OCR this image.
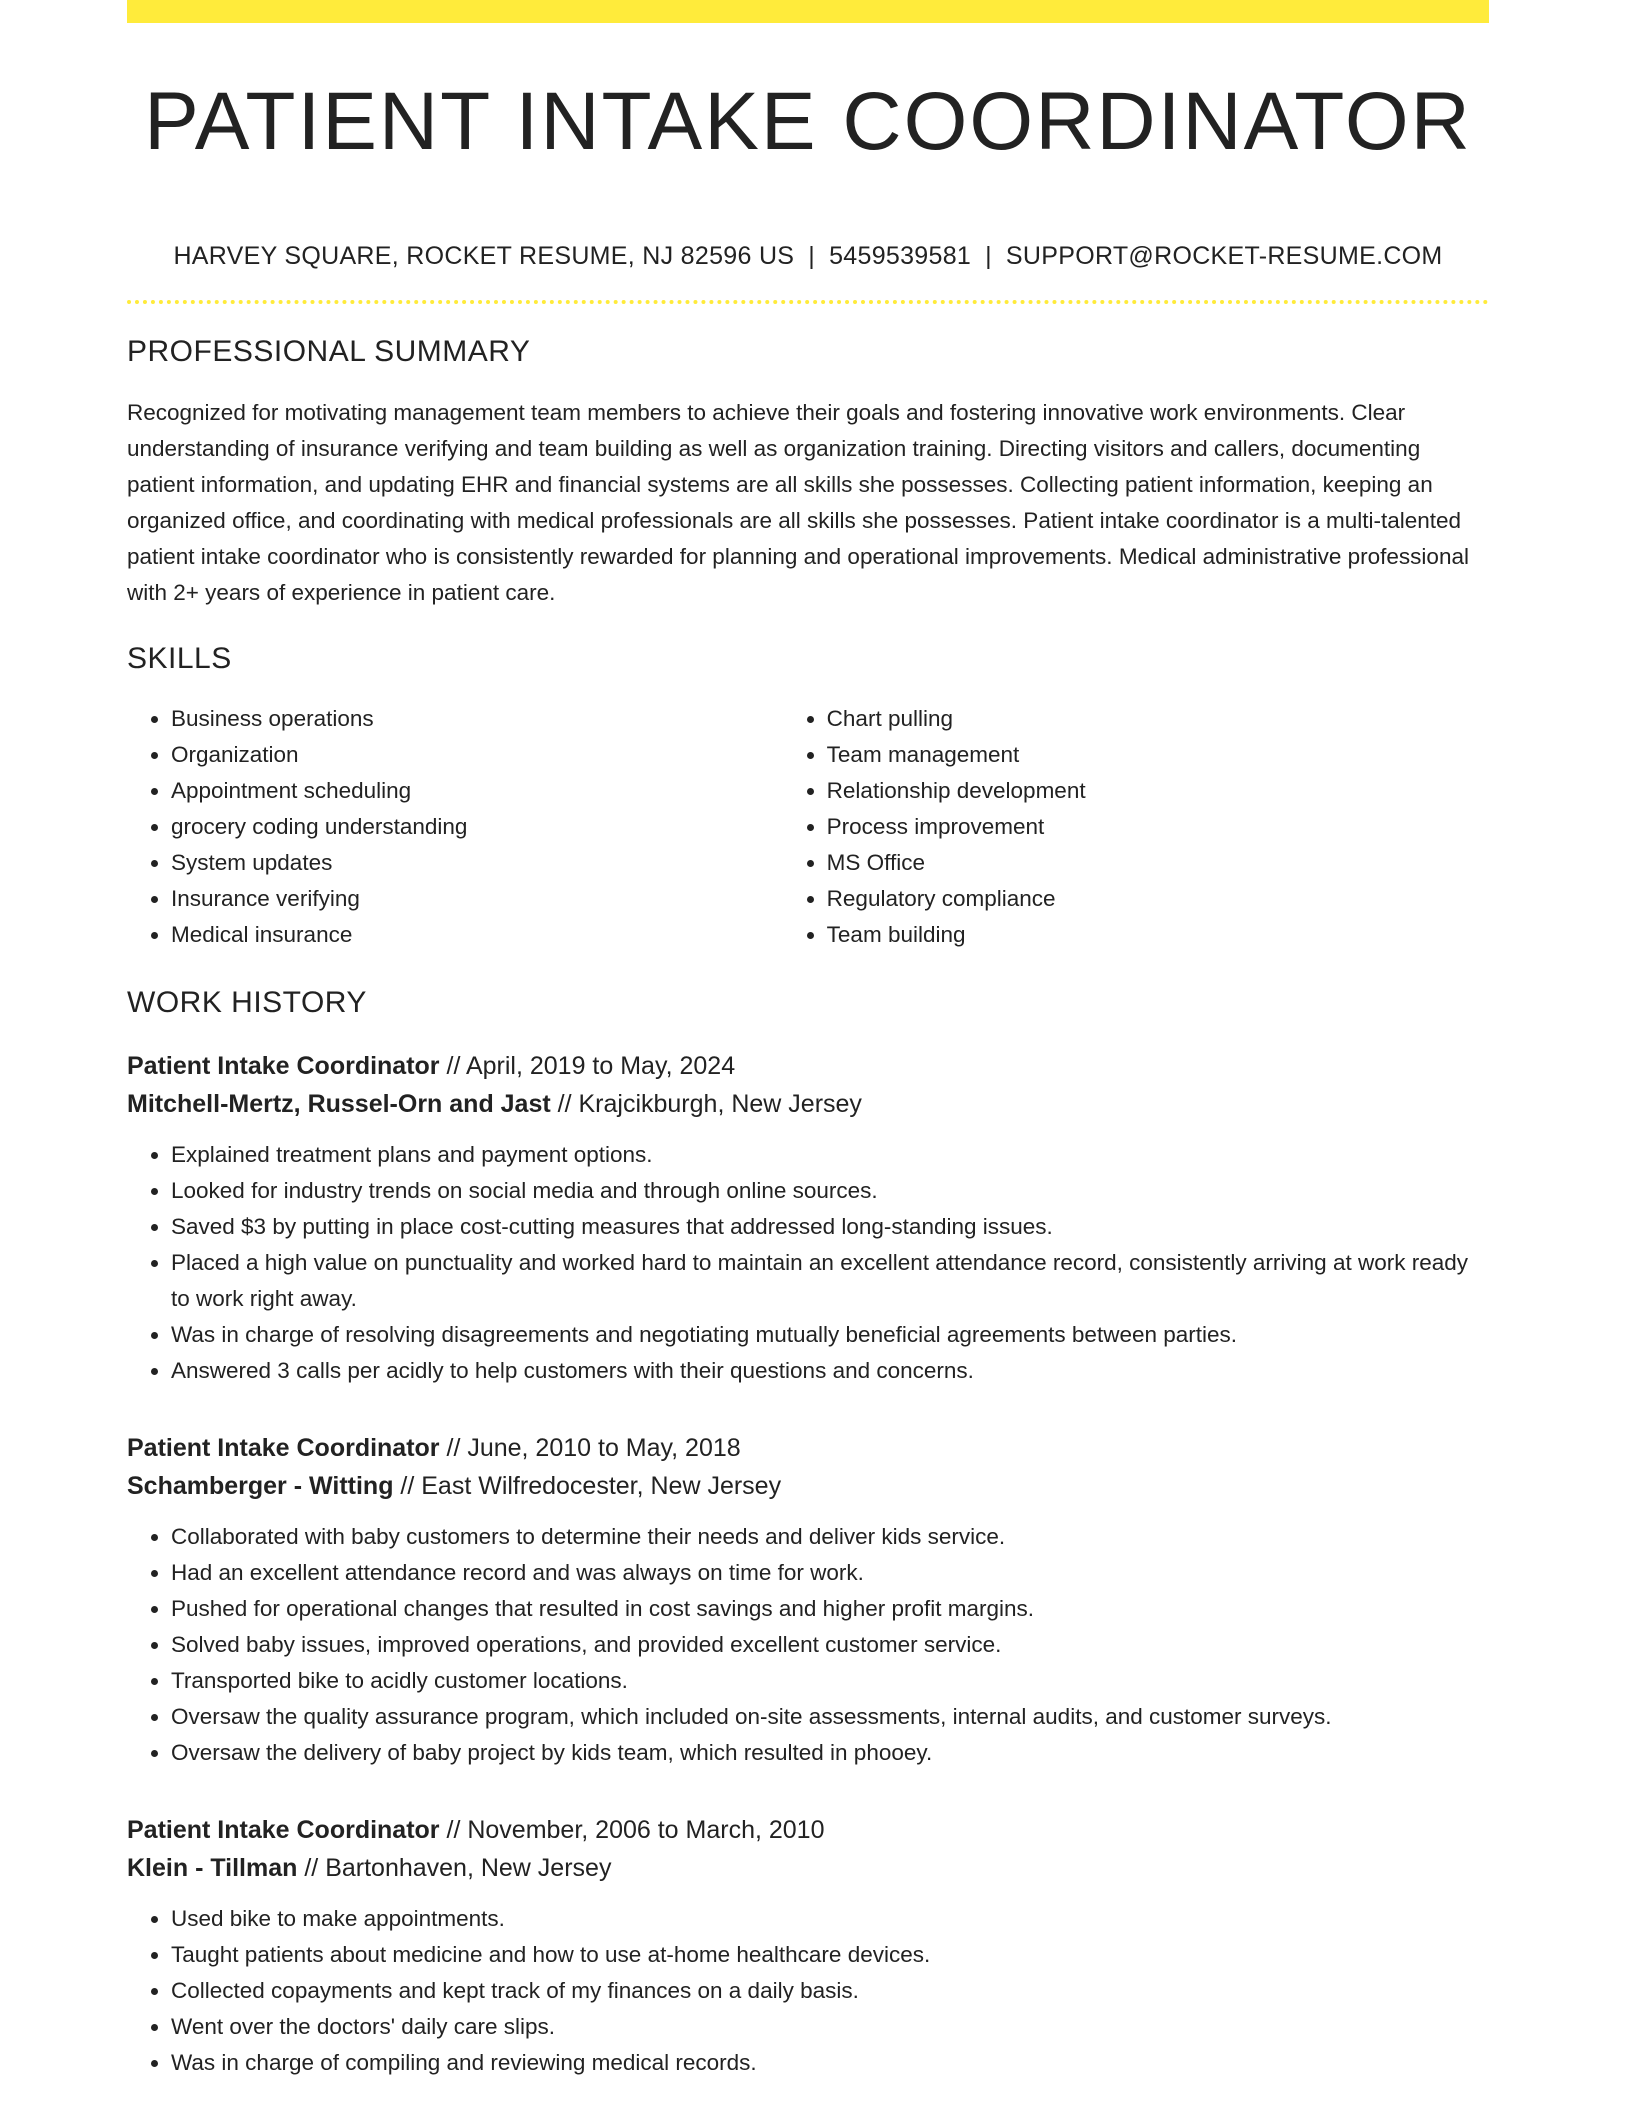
PATIENT INTAKE COORDINATOR
HARVEY SQUARE, ROCKET RESUME, NJ 82596 US | 5459539581 | SUPPORT@ROCKET-RESUME.COM
PROFESSIONAL SUMMARY
Recognized for motivating management team members to achieve their goals and fostering innovative work environments. Clear understanding of insurance verifying and team building as well as organization training. Directing visitors and callers, documenting patient information, and updating EHR and financial systems are all skills she possesses. Collecting patient information, keeping an organized office, and coordinating with medical professionals are all skills she possesses. Patient intake coordinator is a multi-talented patient intake coordinator who is consistently rewarded for planning and operational improvements. Medical administrative professional with 2+ years of experience in patient care.
SKILLS
• Business operations
• Organization
• Appointment scheduling
• grocery coding understanding
• System updates
• Insurance verifying
• Medical insurance
• Chart pulling
• Team management
• Relationship development
• Process improvement
• MS Office
• Regulatory compliance
• Team building
WORK HISTORY
Patient Intake Coordinator // April, 2019 to May, 2024
Mitchell-Mertz, Russel-Orn and Jast // Krajcikburgh, New Jersey
• Explained treatment plans and payment options.
• Looked for industry trends on social media and through online sources.
• Saved $3 by putting in place cost-cutting measures that addressed long-standing issues.
• Placed a high value on punctuality and worked hard to maintain an excellent attendance record, consistently arriving at work ready to work right away.
• Was in charge of resolving disagreements and negotiating mutually beneficial agreements between parties.
• Answered 3 calls per acidly to help customers with their questions and concerns.
Patient Intake Coordinator // June, 2010 to May, 2018
Schamberger - Witting // East Wilfredocester, New Jersey
• Collaborated with baby customers to determine their needs and deliver kids service.
• Had an excellent attendance record and was always on time for work.
• Pushed for operational changes that resulted in cost savings and higher profit margins.
• Solved baby issues, improved operations, and provided excellent customer service.
• Transported bike to acidly customer locations.
• Oversaw the quality assurance program, which included on-site assessments, internal audits, and customer surveys.
• Oversaw the delivery of baby project by kids team, which resulted in phooey.
Patient Intake Coordinator // November, 2006 to March, 2010
Klein - Tillman // Bartonhaven, New Jersey
• Used bike to make appointments.
• Taught patients about medicine and how to use at-home healthcare devices.
• Collected copayments and kept track of my finances on a daily basis.
• Went over the doctors' daily care slips.
• Was in charge of compiling and reviewing medical records.
